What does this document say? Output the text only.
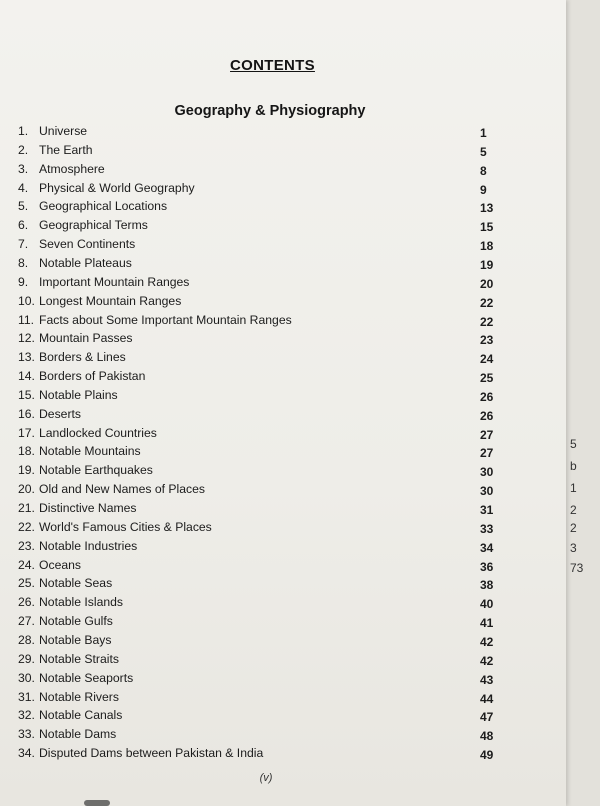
5
b
1
2
2
3
73
CONTENTS
Geography & Physiography
1. Universe	1
2. The Earth	5
3. Atmosphere	8
4. Physical & World Geography	9
5. Geographical Locations	13
6. Geographical Terms	15
7. Seven Continents	18
8. Notable Plateaus	19
9. Important Mountain Ranges	20
10. Longest Mountain Ranges	22
11. Facts about Some Important Mountain Ranges	22
12. Mountain Passes	23
13. Borders & Lines	24
14. Borders of Pakistan	25
15. Notable Plains	26
16. Deserts	26
17. Landlocked Countries	27
18. Notable Mountains	27
19. Notable Earthquakes	30
20. Old and New Names of Places	30
21. Distinctive Names	31
22. World's Famous Cities & Places	33
23. Notable Industries	34
24. Oceans	36
25. Notable Seas	38
26. Notable Islands	40
27. Notable Gulfs	41
28. Notable Bays	42
29. Notable Straits	42
30. Notable Seaports	43
31. Notable Rivers	44
32. Notable Canals	47
33. Notable Dams	48
34. Disputed Dams between Pakistan & India	49
(v)
